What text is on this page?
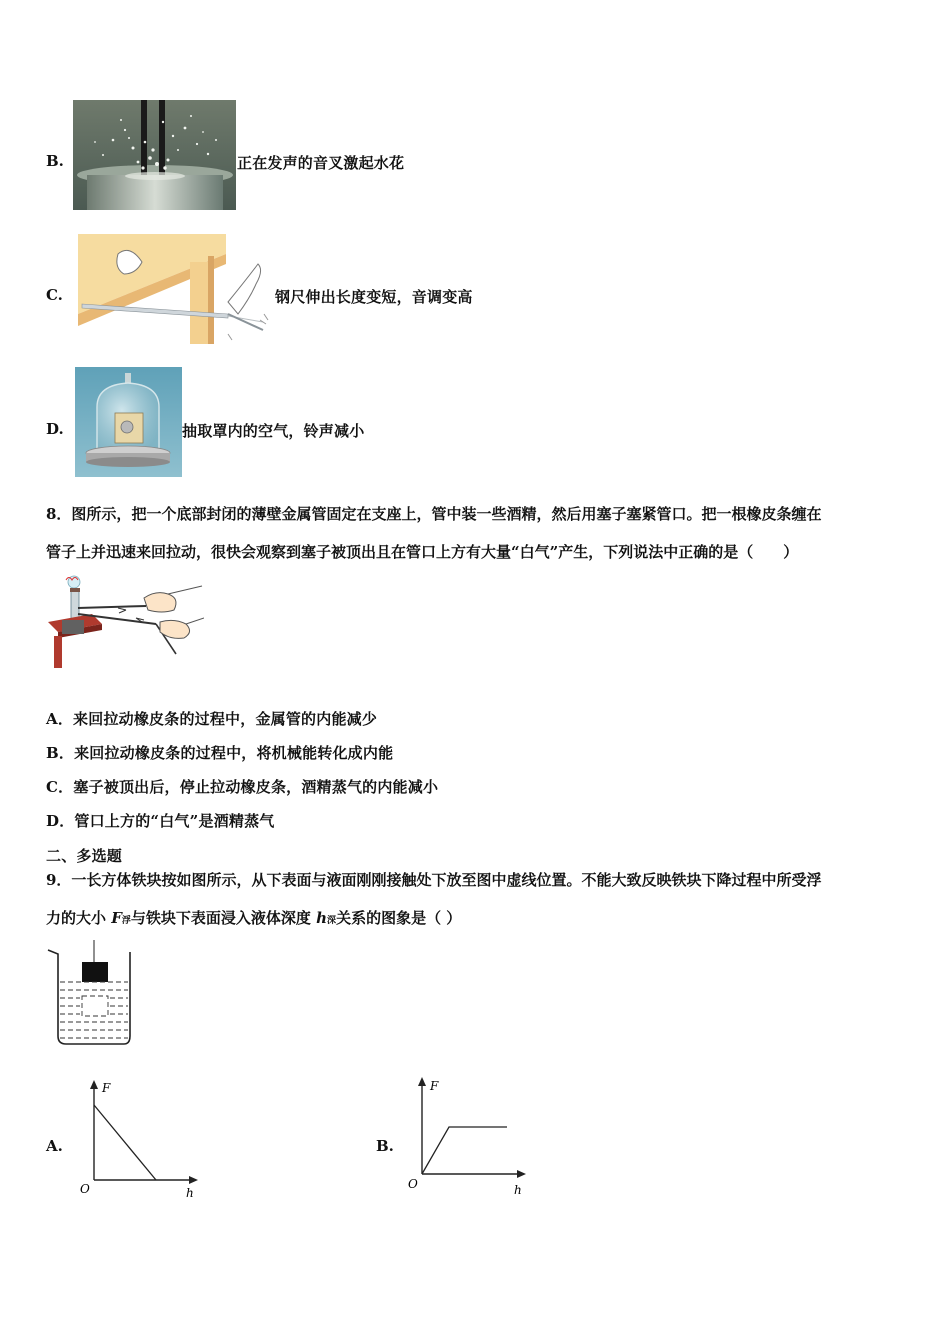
B.	正在发声的音叉激起水花
C.	钢尺伸出长度变短，音调变高
D.	抽取罩内的空气，铃声减小
8．图所示，把一个底部封闭的薄壁金属管固定在支座上，管中装一些酒精，然后用塞子塞紧管口。把一根橡皮条缠在
管子上并迅速来回拉动，很快会观察到塞子被顶出且在管口上方有大量“白气”产生，下列说法中正确的是（　　）
A．来回拉动橡皮条的过程中，金属管的内能减少
B．来回拉动橡皮条的过程中，将机械能转化成内能
C．塞子被顶出后，停止拉动橡皮条，酒精蒸气的内能减小
D．管口上方的“白气”是酒精蒸气
二、多选题
9．一长方体铁块按如图所示，从下表面与液面刚刚接触处下放至图中虚线位置。不能大致反映铁块下降过程中所受浮
力的大小 F浮与铁块下表面浸入液体深度 h深关系的图象是（ ）
A.
F
O	h
B.
F
O	h
